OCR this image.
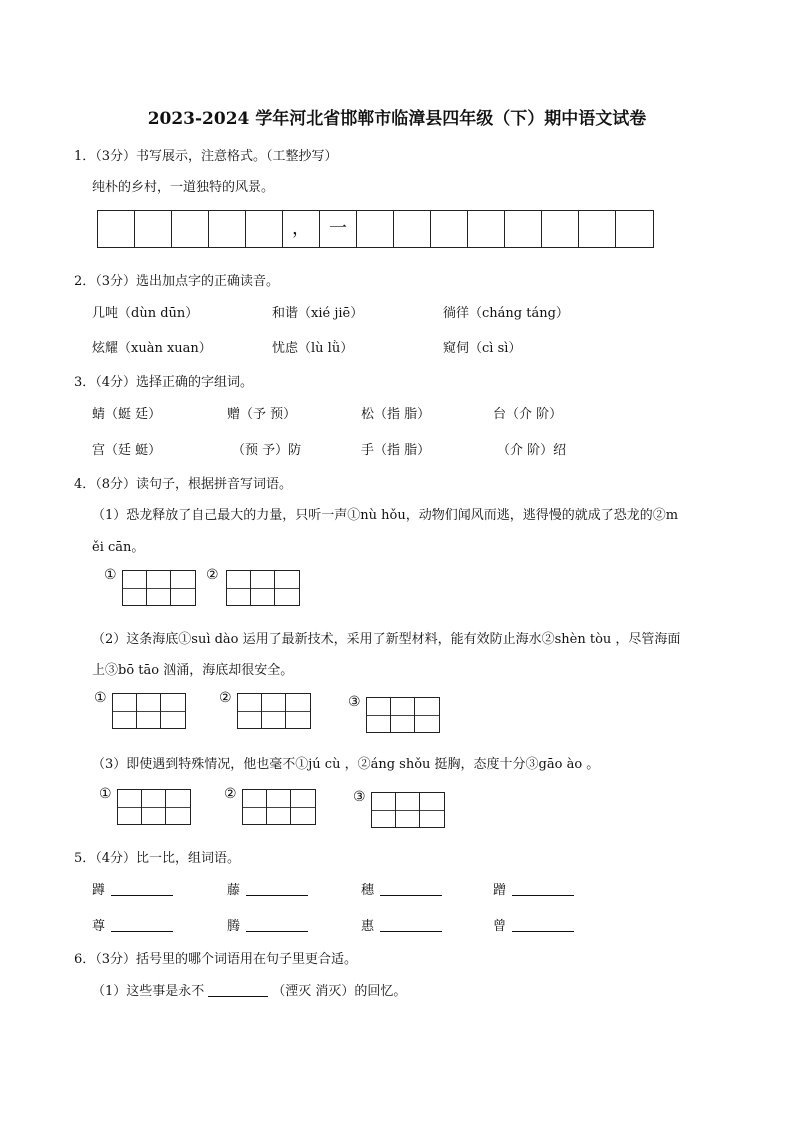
2023-2024 学年河北省邯郸市临漳县四年级（下）期中语文试卷
1．（3分）书写展示，注意格式。（工整抄写）
纯朴的乡村，一道独特的风景。
，	一
2．（3分）选出加点字的正确读音。
几吨（dùn dūn）	和谐（xié jiē）	徜徉（cháng táng）
炫耀（xuàn xuan）	忧虑（lù lǜ）	窥伺（cì sì）
3．（4分）选择正确的字组词。
蜻（蜓 廷）	赠（予 预）	松（指 脂）	台（介 阶）
宫（廷 蜓）	（预 予）防	手（指 脂）	（介 阶）绍
4．（8分）读句子，根据拼音写词语。
（1）恐龙释放了自己最大的力量，只听一声①nù hǒu，动物们闻风而逃，逃得慢的就成了恐龙的②m
ěi cān。
①	②
（2）这条海底①suì dào 运用了最新技术，采用了新型材料，能有效防止海水②shèn tòu ，尽管海面
上③bō tāo 汹涌，海底却很安全。
①	②	③
（3）即使遇到特殊情况，他也毫不①jú cù ，②áng shǒu 挺胸，态度十分③gāo ào 。
①	②	③
5．（4分）比一比，组词语。
蹲	藤	穗	蹭
尊	腾	惠	曾
6．（3分）括号里的哪个词语用在句子里更合适。
（1）这些事是永不	（湮灭 消灭）的回忆。
